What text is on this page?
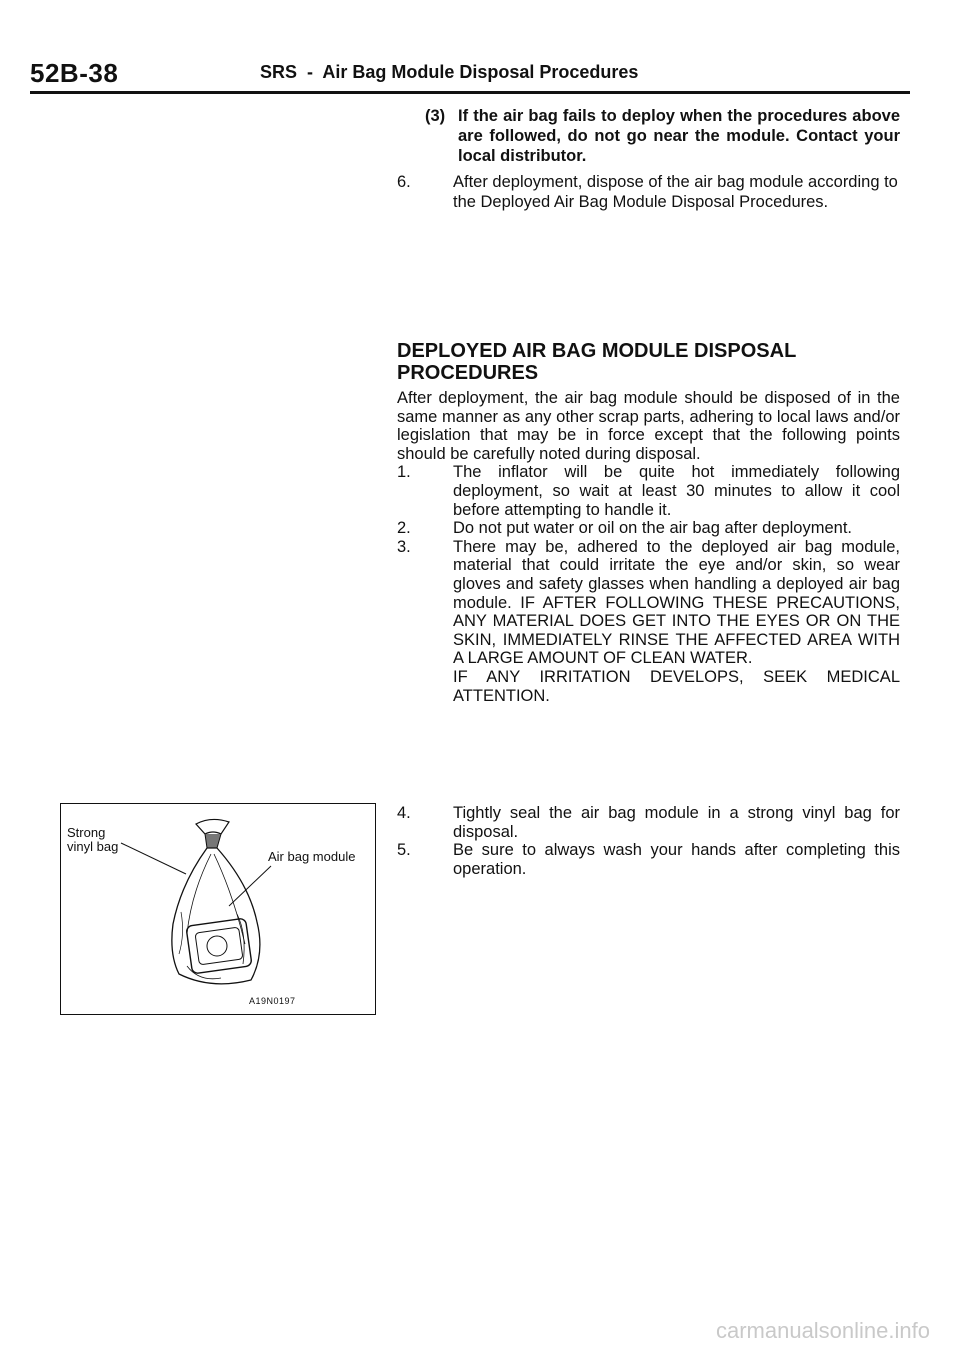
52B-38	SRS  -  Air Bag Module Disposal Procedures
(3) If the air bag fails to deploy when the procedures above are followed, do not go near the module. Contact your local distributor.
6.	After deployment, dispose of the air bag module according to the Deployed Air Bag Module Disposal Procedures.
DEPLOYED AIR BAG MODULE DISPOSAL PROCEDURES
After deployment, the air bag module should be disposed of in the same manner as any other scrap parts, adhering to local laws and/or legislation that may be in force except that the following points should be carefully noted during disposal.
1.	The inflator will be quite hot immediately following deployment, so wait at least 30 minutes to allow it cool before attempting to handle it.
2.	Do not put water or oil on the air bag after deployment.
3.	There may be, adhered to the deployed air bag module, material that could irritate the eye and/or skin, so wear gloves and safety glasses when handling a deployed air bag module. IF AFTER FOLLOWING THESE PRECAUTIONS, ANY MATERIAL DOES GET INTO THE EYES OR ON THE SKIN, IMMEDIATELY RINSE THE AFFECTED AREA WITH A LARGE AMOUNT OF CLEAN WATER.
IF ANY IRRITATION DEVELOPS, SEEK MEDICAL ATTENTION.
4.	Tightly seal the air bag module in a strong vinyl bag for disposal.
5.	Be sure to always wash your hands after completing this operation.
Strong
vinyl bag
Air bag module
A19N0197
carmanualsonline.info
